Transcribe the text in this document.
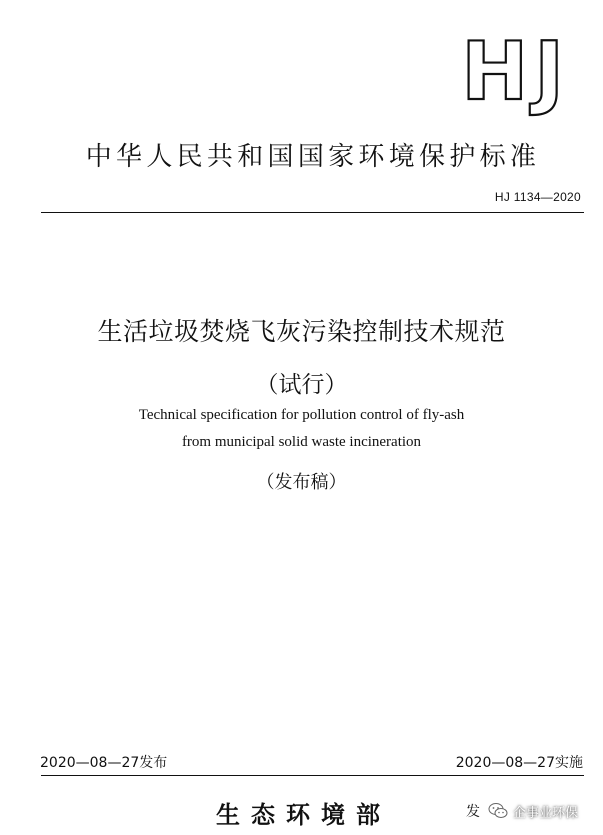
HJ
中华人民共和国国家环境保护标准
HJ 1134—2020
生活垃圾焚烧飞灰污染控制技术规范
（试行）
Technical specification for pollution control of fly-ash
from municipal solid waste incineration
（发布稿）
2020—08—27发布	2020—08—27实施
生态环境部	发	企事业环保
